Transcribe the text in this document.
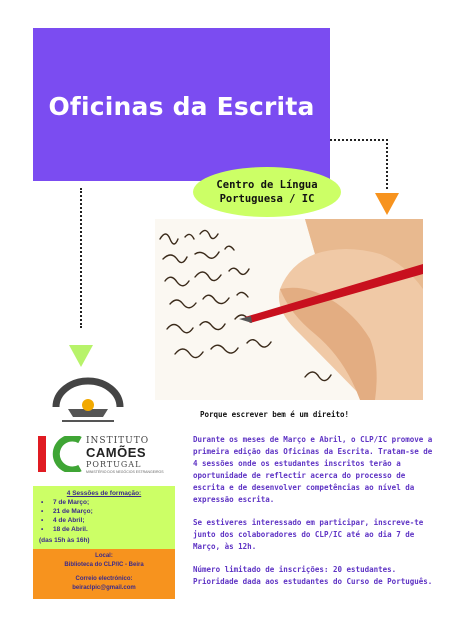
Oficinas da Escrita
Centro de Língua
Portuguesa / IC
Porque escrever bem é um direito!
INSTITUTO
CAMÕES
PORTUGAL
MINISTÉRIO DOS NEGÓCIOS ESTRANGEIROS
4 Sessões de formação:
• 7 de Março;
• 21 de Março;
• 4 de Abril;
• 18 de Abril.
(das 15h às 16h)
Local:
Biblioteca do CLP/IC - Beira
Correio electrónico:
beiraclpic@gmail.com

Durante os meses de Março e Abril, o CLP/IC promove a primeira edição das Oficinas da Escrita. Tratam-se de 4 sessões onde os estudantes inscritos terão a oportunidade de reflectir acerca do processo de escrita e de desenvolver competências ao nível da expressão escrita.

Se estiveres interessado em participar, inscreve-te junto dos colaboradores do CLP/IC até ao dia 7 de Março, às 12h.

Número limitado de inscrições: 20 estudantes. Prioridade dada aos estudantes do Curso de Português.
